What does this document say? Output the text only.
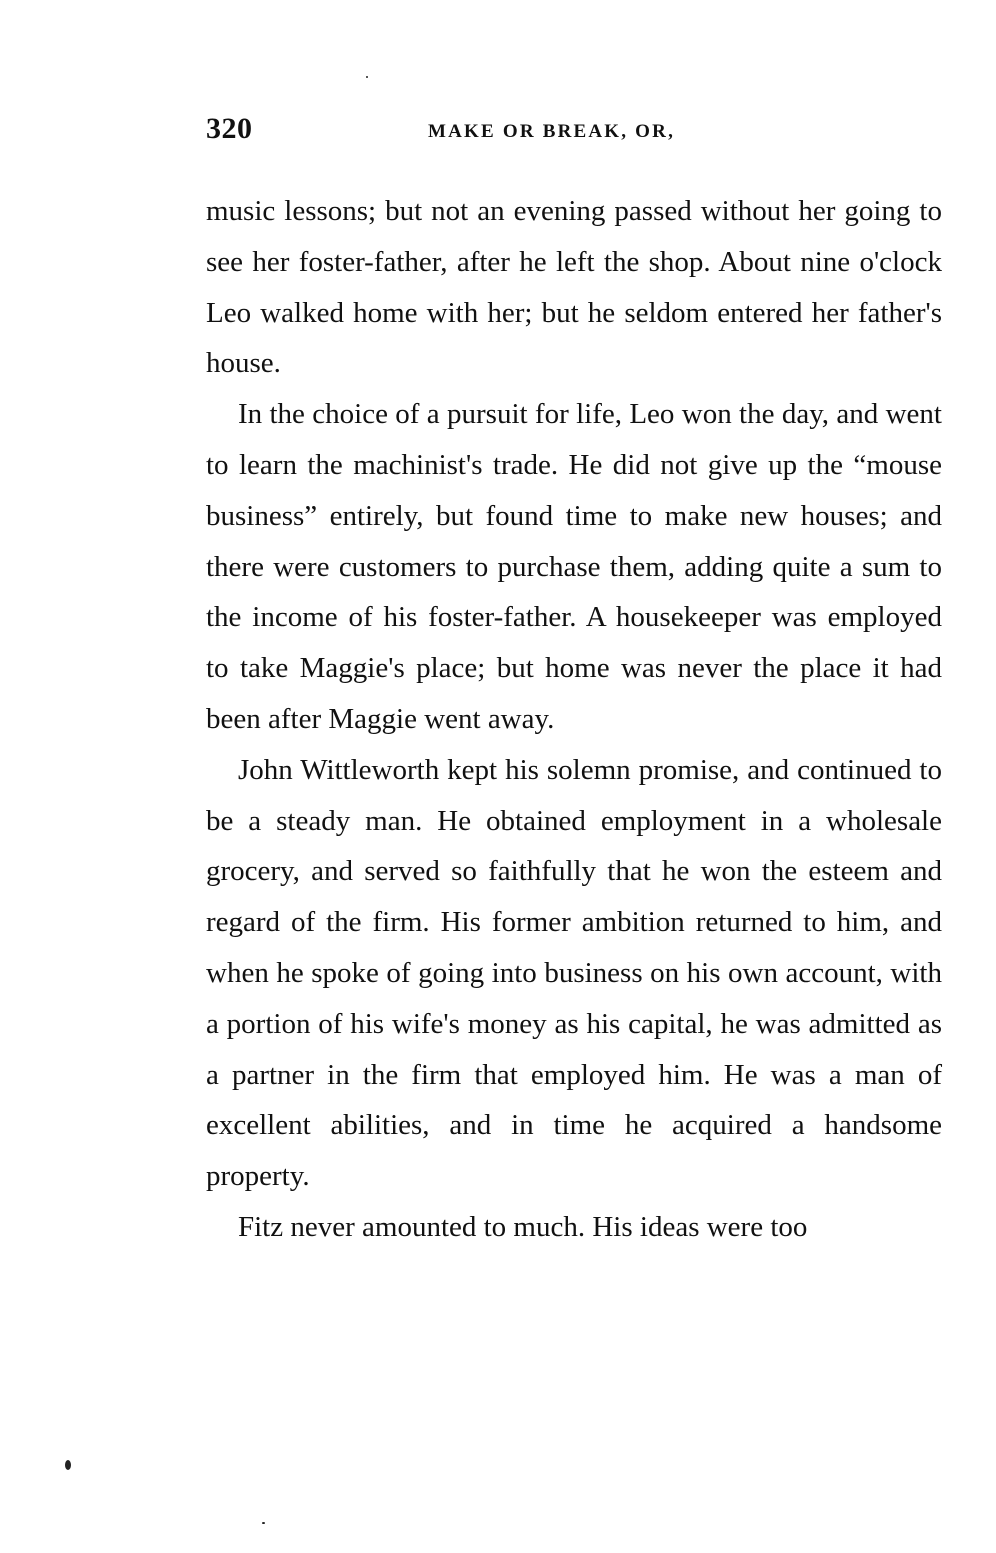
320	MAKE OR BREAK, OR,

music lessons; but not an evening passed without her going to see her foster-father, after he left the shop. About nine o'clock Leo walked home with her; but he seldom entered her father's house.

In the choice of a pursuit for life, Leo won the day, and went to learn the machinist's trade. He did not give up the “mouse business” entirely, but found time to make new houses; and there were customers to purchase them, adding quite a sum to the income of his foster-father. A housekeeper was employed to take Maggie's place; but home was never the place it had been after Maggie went away.

John Wittleworth kept his solemn promise, and continued to be a steady man. He obtained employment in a wholesale grocery, and served so faithfully that he won the esteem and regard of the firm. His former ambition returned to him, and when he spoke of going into business on his own account, with a portion of his wife's money as his capital, he was admitted as a partner in the firm that employed him. He was a man of excellent abilities, and in time he acquired a handsome property.

Fitz never amounted to much. His ideas were too
